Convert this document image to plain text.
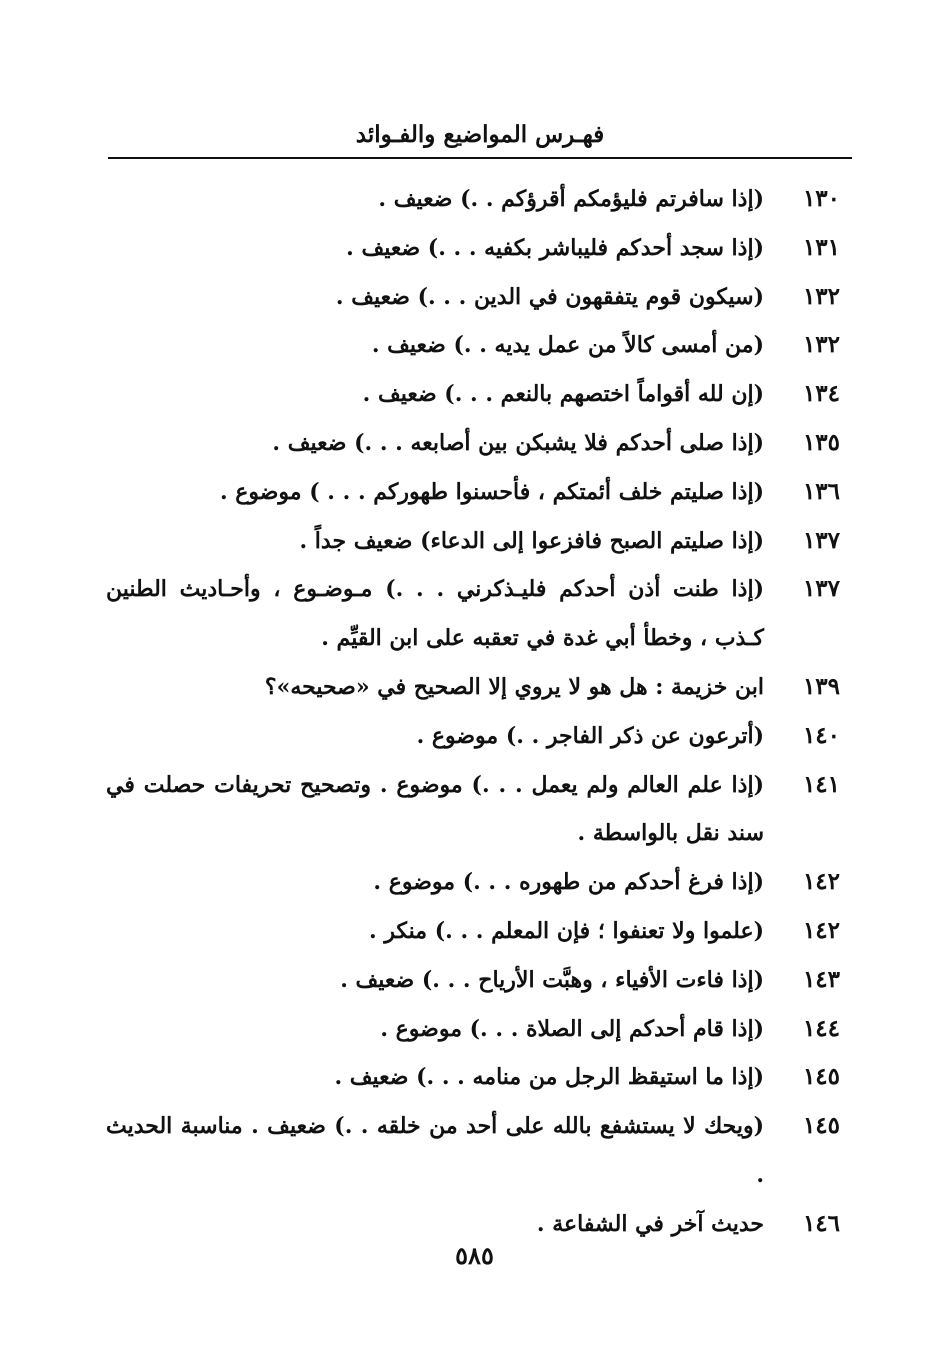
فهـرس المواضيع والفـوائد
١٣٠
(إذا سافرتم فليؤمكم أقرؤكم . .) ضعيف .
١٣١
(إذا سجد أحدكم فليباشر بكفيه . . .) ضعيف .
١٣٢
(سيكون قوم يتفقهون في الدين . . .) ضعيف .
١٣٢
(من أمسى كالاً من عمل يديه . .) ضعيف .
١٣٤
(إن لله أقواماً اختصهم بالنعم . . .) ضعيف .
١٣٥
(إذا صلى أحدكم فلا يشبكن بين أصابعه . . .) ضعيف .
١٣٦
(إذا صليتم خلف أئمتكم ، فأحسنوا طهوركم . . . ) موضوع .
١٣٧
(إذا صليتم الصبح فافزعوا إلى الدعاء) ضعيف جداً .
١٣٧
(إذا طنت أذن أحدكم فليـذكرني . . .) مـوضـوع ، وأحـاديث الطنين كـذب ، وخطأ أبي غدة في تعقبه على ابن القيِّم .
١٣٩
ابن خزيمة : هل هو لا يروي إلا الصحيح في «صحيحه»؟
١٤٠
(أترعون عن ذكر الفاجر . .) موضوع .
١٤١
(إذا علم العالم ولم يعمل . . .) موضوع . وتصحيح تحريفات حصلت في سند نقل بالواسطة .
١٤٢
(إذا فرغ أحدكم من طهوره . . .) موضوع .
١٤٢
(علموا ولا تعنفوا ؛ فإن المعلم . . .) منكر .
١٤٣
(إذا فاءت الأفياء ، وهبَّت الأرياح . . .) ضعيف .
١٤٤
(إذا قام أحدكم إلى الصلاة . . .) موضوع .
١٤٥
(إذا ما استيقظ الرجل من منامه . . .) ضعيف .
١٤٥
(ويحك لا يستشفع بالله على أحد من خلقه . .) ضعيف . مناسبة الحديث .
١٤٦
حديث آخر في الشفاعة .
٥٨٥
